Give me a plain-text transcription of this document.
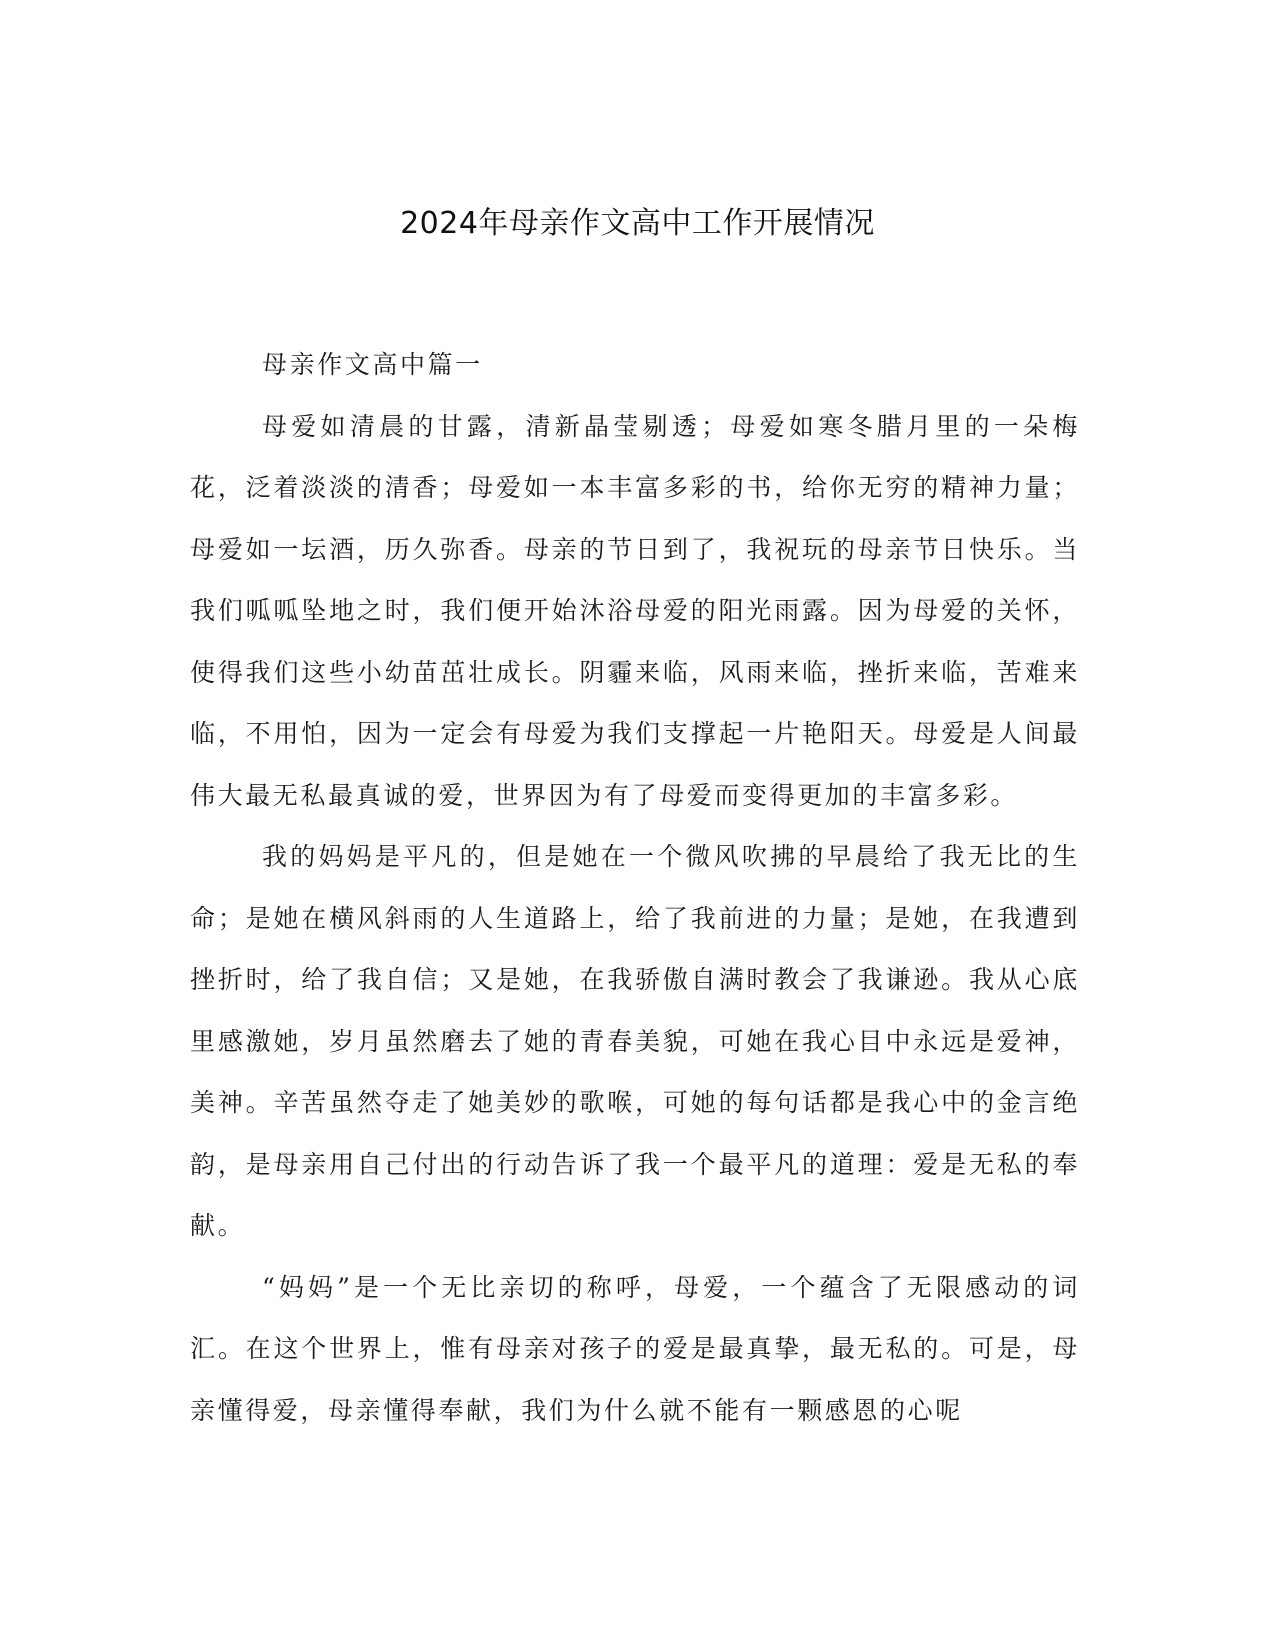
2024年母亲作文高中工作开展情况

母亲作文高中篇一

母爱如清晨的甘露，清新晶莹剔透；母爱如寒冬腊月里的一朵梅花，泛着淡淡的清香；母爱如一本丰富多彩的书，给你无穷的精神力量；母爱如一坛酒，历久弥香。母亲的节日到了，我祝玩的母亲节日快乐。当我们呱呱坠地之时，我们便开始沐浴母爱的阳光雨露。因为母爱的关怀，使得我们这些小幼苗茁壮成长。阴霾来临，风雨来临，挫折来临，苦难来临，不用怕，因为一定会有母爱为我们支撑起一片艳阳天。母爱是人间最伟大最无私最真诚的爱，世界因为有了母爱而变得更加的丰富多彩。

我的妈妈是平凡的，但是她在一个微风吹拂的早晨给了我无比的生命；是她在横风斜雨的人生道路上，给了我前进的力量；是她，在我遭到挫折时，给了我自信；又是她，在我骄傲自满时教会了我谦逊。我从心底里感激她，岁月虽然磨去了她的青春美貌，可她在我心目中永远是爱神，美神。辛苦虽然夺走了她美妙的歌喉，可她的每句话都是我心中的金言绝韵，是母亲用自己付出的行动告诉了我一个最平凡的道理：爱是无私的奉献。

“妈妈”是一个无比亲切的称呼，母爱，一个蕴含了无限感动的词汇。在这个世界上，惟有母亲对孩子的爱是最真挚，最无私的。可是，母亲懂得爱，母亲懂得奉献，我们为什么就不能有一颗感恩的心呢
